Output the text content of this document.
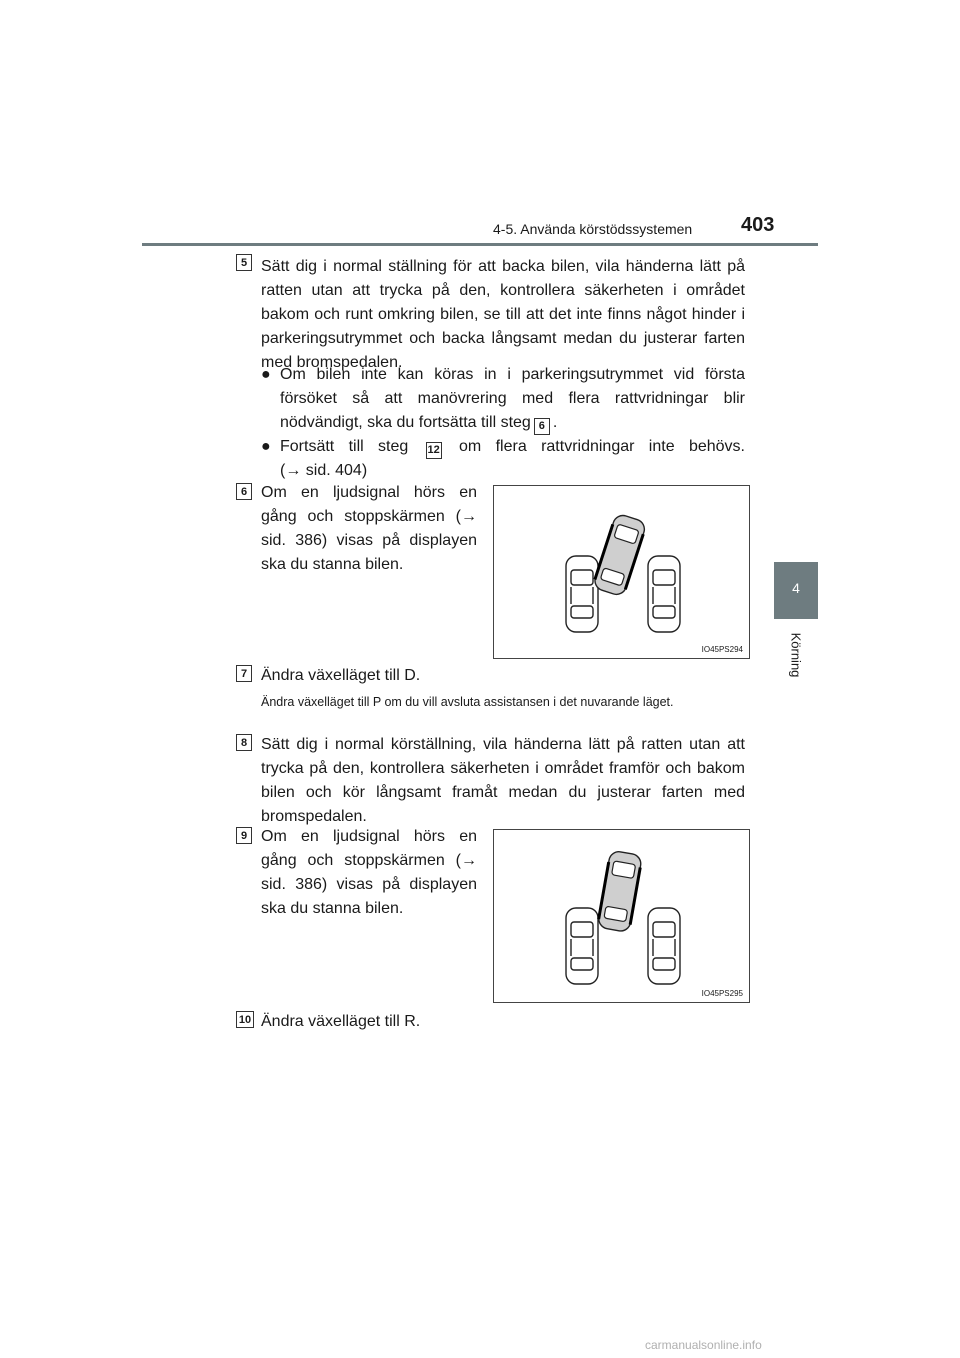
4-5. Använda körstödssystemen 403
4
Körning
5 Sätt dig i normal ställning för att backa bilen, vila händerna lätt på ratten utan att trycka på den, kontrollera säkerheten i området bakom och runt omkring bilen, se till att det inte finns något hinder i parkeringsutrymmet och backa långsamt medan du justerar farten med bromspedalen.
● Om bilen inte kan köras in i parkeringsutrymmet vid första försöket så att manövrering med flera rattvridningar blir nödvändigt, ska du fortsätta till steg 6 .
● Fortsätt till steg 12 om flera rattvridningar inte behövs.
(→ sid. 404)
6 Om en ljudsignal hörs en gång och stoppskärmen (→ sid. 386) visas på displayen ska du stanna bilen.
IO45PS294
7 Ändra växelläget till D.
Ändra växelläget till P om du vill avsluta assistansen i det nuvarande läget.
8 Sätt dig i normal körställning, vila händerna lätt på ratten utan att trycka på den, kontrollera säkerheten i området framför och bakom bilen och kör långsamt framåt medan du justerar farten med bromspedalen.
9 Om en ljudsignal hörs en gång och stoppskärmen (→ sid. 386) visas på displayen ska du stanna bilen.
IO45PS295
10 Ändra växelläget till R.
carmanualsonline.info
